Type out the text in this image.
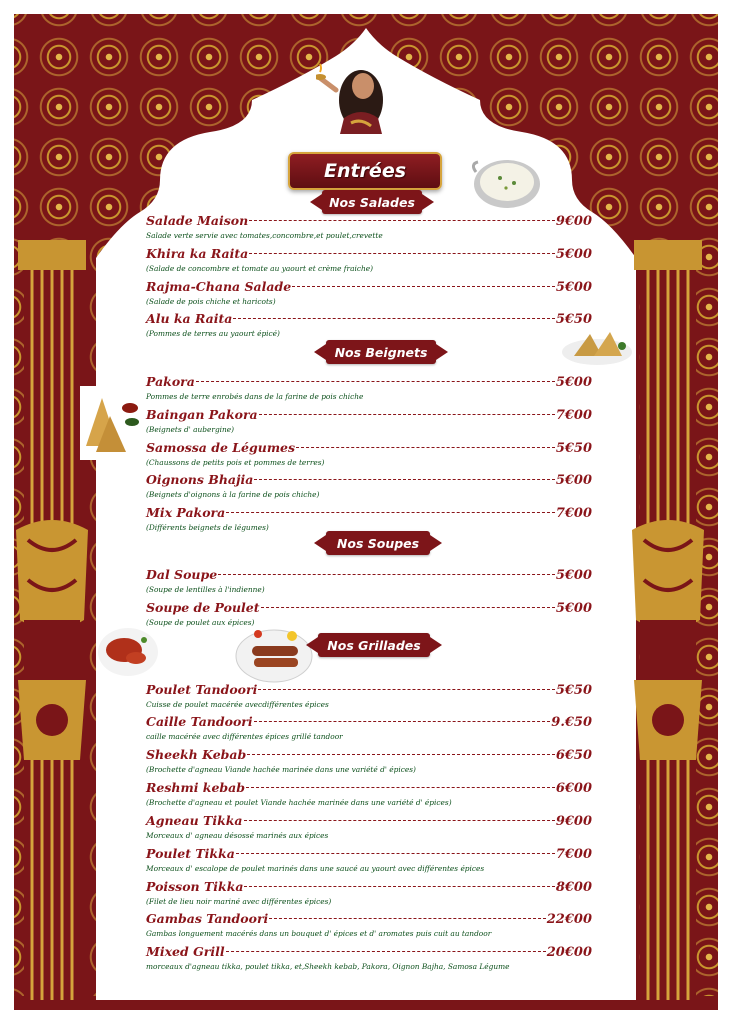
Entrées
Nos Salades
Nos Beignets
Nos Soupes
Nos Grillades
Salade Maison	9€00
Salade verte servie avec tomates,concombre,et poulet,crevette
Khira ka Raita	5€00
(Salade de concombre et tomate au yaourt et crème fraiche)
Rajma-Chana Salade	5€00
(Salade de pois chiche et haricots)
Alu ka Raita	5€50
(Pommes de terres au yaourt épicé)
Pakora	5€00
Pommes de terre enrobés dans de la farine de pois chiche
Baingan Pakora	7€00
(Beignets d' aubergine)
Samossa de Légumes	5€50
(Chaussons de petits pois et pommes de terres)
Oignons Bhajia	5€00
(Beignets d'oignons à la farine de pois chiche)
Mix Pakora	7€00
(Différents beignets de légumes)
Dal Soupe	5€00
(Soupe de lentilles à l'indienne)
Soupe de Poulet	5€00
(Soupe de poulet aux épices)
Poulet Tandoori	5€50
Cuisse de poulet macérée avecdifférentes épices
Caille Tandoori	9.€50
caille macérée avec différentes épices grillé tandoor
Sheekh Kebab	6€50
(Brochette d'agneau Viande hachée marinée dans une variété d' épices)
Reshmi kebab	6€00
(Brochette d'agneau et poulet Viande hachée marinée dans une variété d' épices)
Agneau Tikka	9€00
Morceaux d' agneau désossé marinés aux épices
Poulet Tikka	7€00
Morceaux d' escalope de poulet marinés dans une saucé au yaourt avec différentes épices
Poisson Tikka	8€00
(Filet de lieu noir mariné avec différentes épices)
Gambas Tandoori	22€00
Gambas longuement macérés dans un bouquet d' épices et d' aromates puis cuit au tandoor
Mixed Grill	20€00
morceaux d'agneau tikka, poulet tikka, et,Sheekh kebab, Pakora, Oignon Bajha, Samosa Légume
